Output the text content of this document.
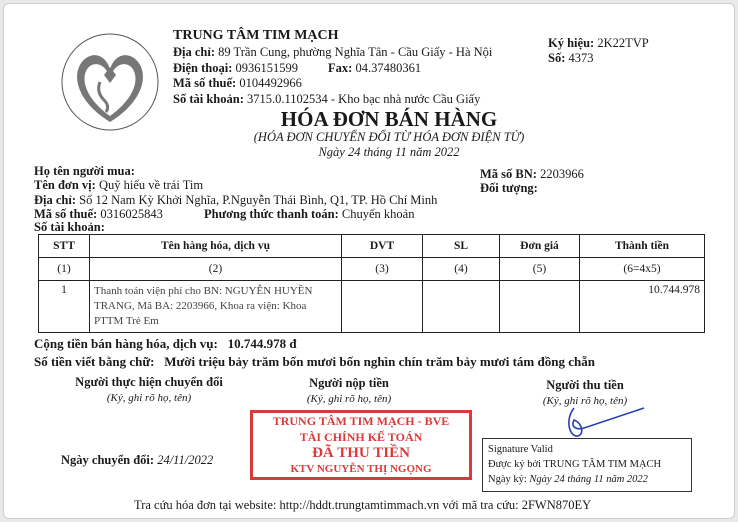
TRUNG TÂM TIM MẠCH
Địa chỉ: 89 Trần Cung, phường Nghĩa Tân - Cầu Giấy - Hà Nội
Điện thoại: 0936151599 Fax: 04.37480361
Mã số thuế: 0104492966
Số tài khoản: 3715.0.1102534 - Kho bạc nhà nước Cầu Giấy
Ký hiệu: 2K22TVP
Số: 4373
HÓA ĐƠN BÁN HÀNG
(HÓA ĐƠN CHUYỂN ĐỔI TỪ HÓA ĐƠN ĐIỆN TỬ)
Ngày 24 tháng 11 năm 2022
Họ tên người mua:
Tên đơn vị: Quỹ hiểu về trái Tim
Địa chỉ: Số 12 Nam Kỳ Khởi Nghĩa, P.Nguyễn Thái Bình, Q1, TP. Hồ Chí Minh
Mã số thuế: 0316025843	Phương thức thanh toán: Chuyển khoản
Số tài khoản:
Mã số BN: 2203966
Đối tượng:
STT	Tên hàng hóa, dịch vụ	DVT	SL	Đơn giá	Thành tiền
(1)	(2)	(3)	(4)	(5)	(6=4x5)
1	Thanh toán viện phí cho BN: NGUYỄN HUYỀN TRANG, Mã BA: 2203966, Khoa ra viện: Khoa PTTM Trẻ Em				10.744.978
Cộng tiền bán hàng hóa, dịch vụ: 10.744.978 đ
Số tiền viết bằng chữ: Mười triệu bảy trăm bốn mươi bốn nghìn chín trăm bảy mươi tám đồng chẵn
Người thực hiện chuyển đổi
(Ký, ghi rõ họ, tên)
Người nộp tiền
(Ký, ghi rõ họ, tên)
Người thu tiền
(Ký, ghi rõ họ, tên)
TRUNG TÂM TIM MẠCH - BVE
TÀI CHÍNH KẾ TOÁN
ĐÃ THU TIỀN
KTV NGUYỄN THỊ NGỌNG
Ngày chuyển đổi: 24/11/2022
Signature Valid
Được ký bởi TRUNG TÂM TIM MẠCH
Ngày ký: Ngày 24 tháng 11 năm 2022
Tra cứu hóa đơn tại website: http://hddt.trungtamtimmach.vn với mã tra cứu: 2FWN870EY
